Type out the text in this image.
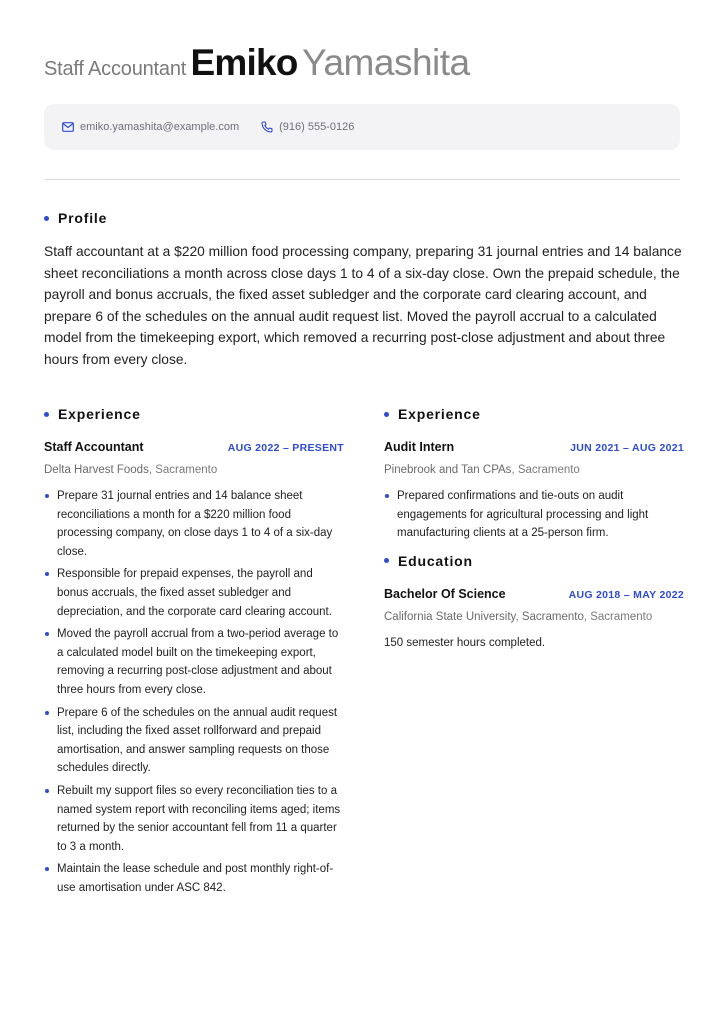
Staff Accountant Emiko Yamashita
emiko.yamashita@example.com	(916) 555-0126
Profile

Staff accountant at a $220 million food processing company, preparing 31 journal entries and 14 balance sheet reconciliations a month across close days 1 to 4 of a six-day close. Own the prepaid schedule, the payroll and bonus accruals, the fixed asset subledger and the corporate card clearing account, and prepare 6 of the schedules on the annual audit request list. Moved the payroll accrual to a calculated model from the timekeeping export, which removed a recurring post-close adjustment and about three hours from every close.

Experience
Staff Accountant	AUG 2022 – PRESENT
Delta Harvest Foods, Sacramento
Prepare 31 journal entries and 14 balance sheet reconciliations a month for a $220 million food processing company, on close days 1 to 4 of a six-day close.
Responsible for prepaid expenses, the payroll and bonus accruals, the fixed asset subledger and depreciation, and the corporate card clearing account.
Moved the payroll accrual from a two-period average to a calculated model built on the timekeeping export, removing a recurring post-close adjustment and about three hours from every close.
Prepare 6 of the schedules on the annual audit request list, including the fixed asset rollforward and prepaid amortisation, and answer sampling requests on those schedules directly.
Rebuilt my support files so every reconciliation ties to a named system report with reconciling items aged; items returned by the senior accountant fell from 11 a quarter to 3 a month.
Maintain the lease schedule and post monthly right-of-use amortisation under ASC 842.
Experience
Audit Intern	JUN 2021 – AUG 2021
Pinebrook and Tan CPAs, Sacramento
Prepared confirmations and tie-outs on audit engagements for agricultural processing and light manufacturing clients at a 25-person firm.
Education
Bachelor Of Science	AUG 2018 – MAY 2022
California State University, Sacramento, Sacramento
150 semester hours completed.
